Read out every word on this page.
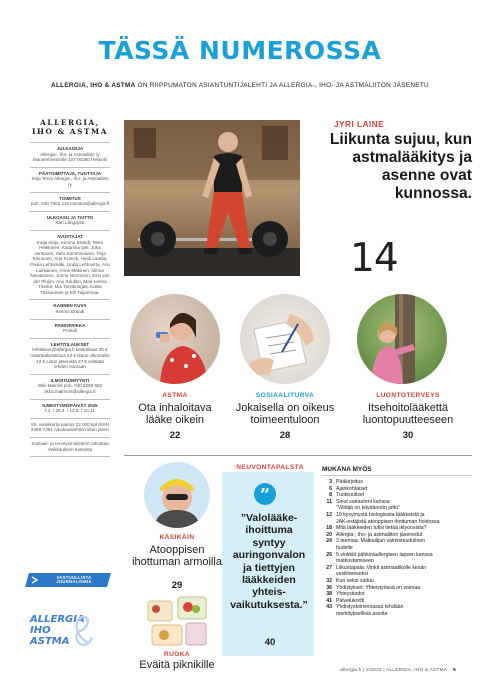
TÄSSÄ NUMEROSSA
ALLERGIA, IHO & ASTMA ON RIIPPUMATON ASIANTUNTIJALEHTI JA ALLERGIA-, IHO- JA ASTMALIITON JÄSENETU
ALLERGIA,
IHO & ASTMA
JULKAISIJA
Allergia-, Iho- ja Astmaliitto ry Mannerheimintie 107 00280 Helsinki
PÄÄTOIMITTAJA, TUOTTAJA
Sirja Tervo Allergia-, Iho- ja Astmaliitto ry
TOIMITUS
puh. 040 7302 118 toimitus@allergia.fi
ULKOASU JA TAITTO
Kari Långqvist
AVUSTAJAT
Katja Aloja, Kimmo Brandt, Risto Heikkinen, Katariina Ijäs, Juha Jantunen, Satu Kammovaara, Teija Kinnunen, Arja Kranck, Heidi Laurila, Paula Lehtomäki, Linda Lehtovirta, Anu Lukkainen, Anne Mäkinen, Minna Nevalainen, Jonna Nurminen, Essi van der Pluijm, Anu Saukko, Mari-Leena Tänikä, Mia Tarvikungas, Kaisa Tossaninen ja Elli Tuijanmaa.
KANNEN KUVA
Kimmo Brandt
PAINOPAIKKA
Printall
LEHTITILAUKSET
lehtitilaus@allergia.fi kestotilaus 35 € määräaikaistilaus 42 € tilaus ulkomaille 42 € Liiton jäsenistä 27 € sisältää lehden suoraan
ILMOITUSMYYNTI
Wiki Mainos puh. 040 5255 662 ilkka.malmros@allergia.fi
ILMESTYMISPÄIVÄT 2025
7.2. / 25.4. / 12.9. / 10.11.
55. vuosikerta painos 22 000 kpl ISSN 2489-7361 Aikakauslehtien liiton jäsen
Sosiaali- ja terveysministeriö rahoittaa Veikkauksen tuotoista
VASTUULLISTA JOURNALISMIA
ALLERGIA
IHO
ASTMA
JYRI LAINE
Liikunta sujuu, kun astmalääkitys ja asenne ovat kunnossa.
14
ASTMA
Ota inhaloitava lääke oikein
22
SOSIAALITURVA
Jokaisella on oikeus toimeentuloon
28
LUONTOTERVEYS
Itsehoitolääkettä luontopuutteeseen
30
KÄSIKÄIN
Atooppisen ihottuman armoilla
29
RUOKA
Eväitä piknikille
NEUVONTAPALSTA
”
”Valolääke-ihoittuma syntyy auringonvalon ja tiettyjen lääkkeiden yhteis-vaikutuksesta.”
40
MUKANA MYÖS
3 Pääkirjoitus
6 Ajankohtaiset
8 Tuoteuutiset
11 Sinut sairauteni kanssa
”Viiltäjä on käydännön juttu”
12 10 kysymystä biologisista lääkkeistä ja
JAK-estäjistä atooppisen ihottuman hoidossa
18 Mitä lääkkeiden tulisi tietää iktyoosista?
20 Allergia-, iho- ja astmaliiton jäsenedut
24 3 teemaa: Matkailijan valmisteuduiloen
hudelle
26 5 vinkkiä pähkinäallergisen lapsen kanssa
matkustamiseen
27 Liikuntapala: Vinkit astmaatikolle kesän
vesiliireeseksi
32 Kun seksi sattuu
36 Yhdistykset: Yhteistyössä on voimaa
38 Yhteystiedot
41 Palvelukortti
43 Yhdistystoiminnassa tehdään
merkityksellisiä asioita
allergia.fi | 2/2025 | ALLERGIA, IHO & ASTMA 5
